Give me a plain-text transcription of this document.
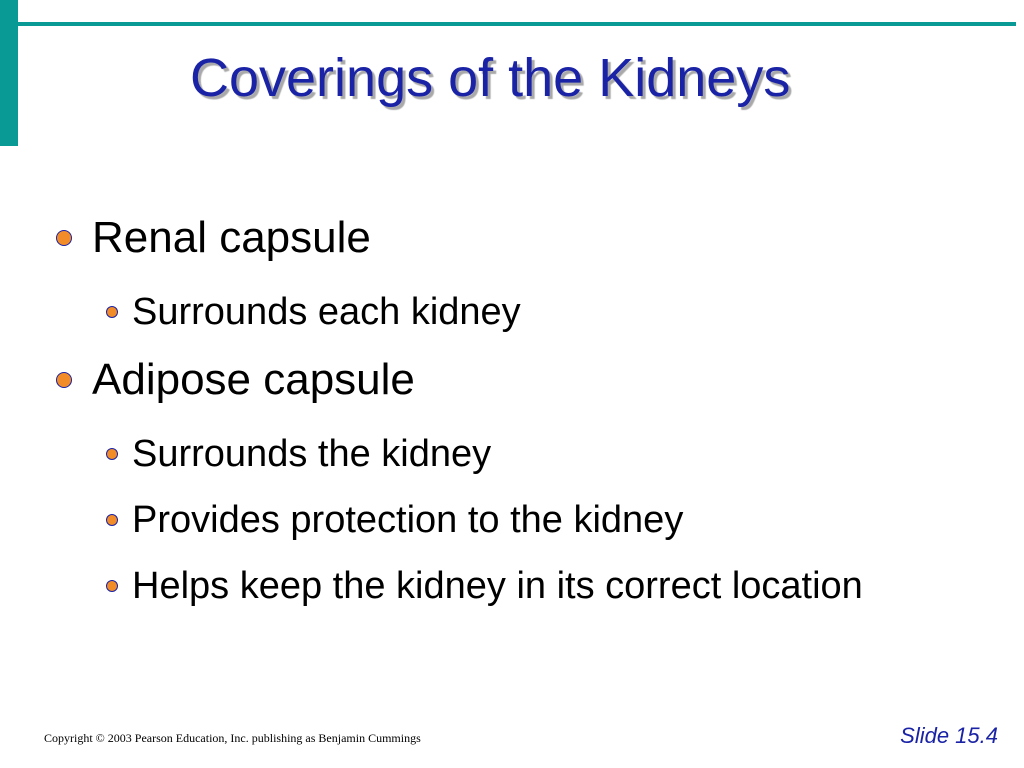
Coverings of the Kidneys
Renal capsule
Surrounds each kidney
Adipose capsule
Surrounds the kidney
Provides protection to the kidney
Helps keep the kidney in its correct location
Copyright © 2003 Pearson Education, Inc. publishing as Benjamin Cummings	Slide 15.4
